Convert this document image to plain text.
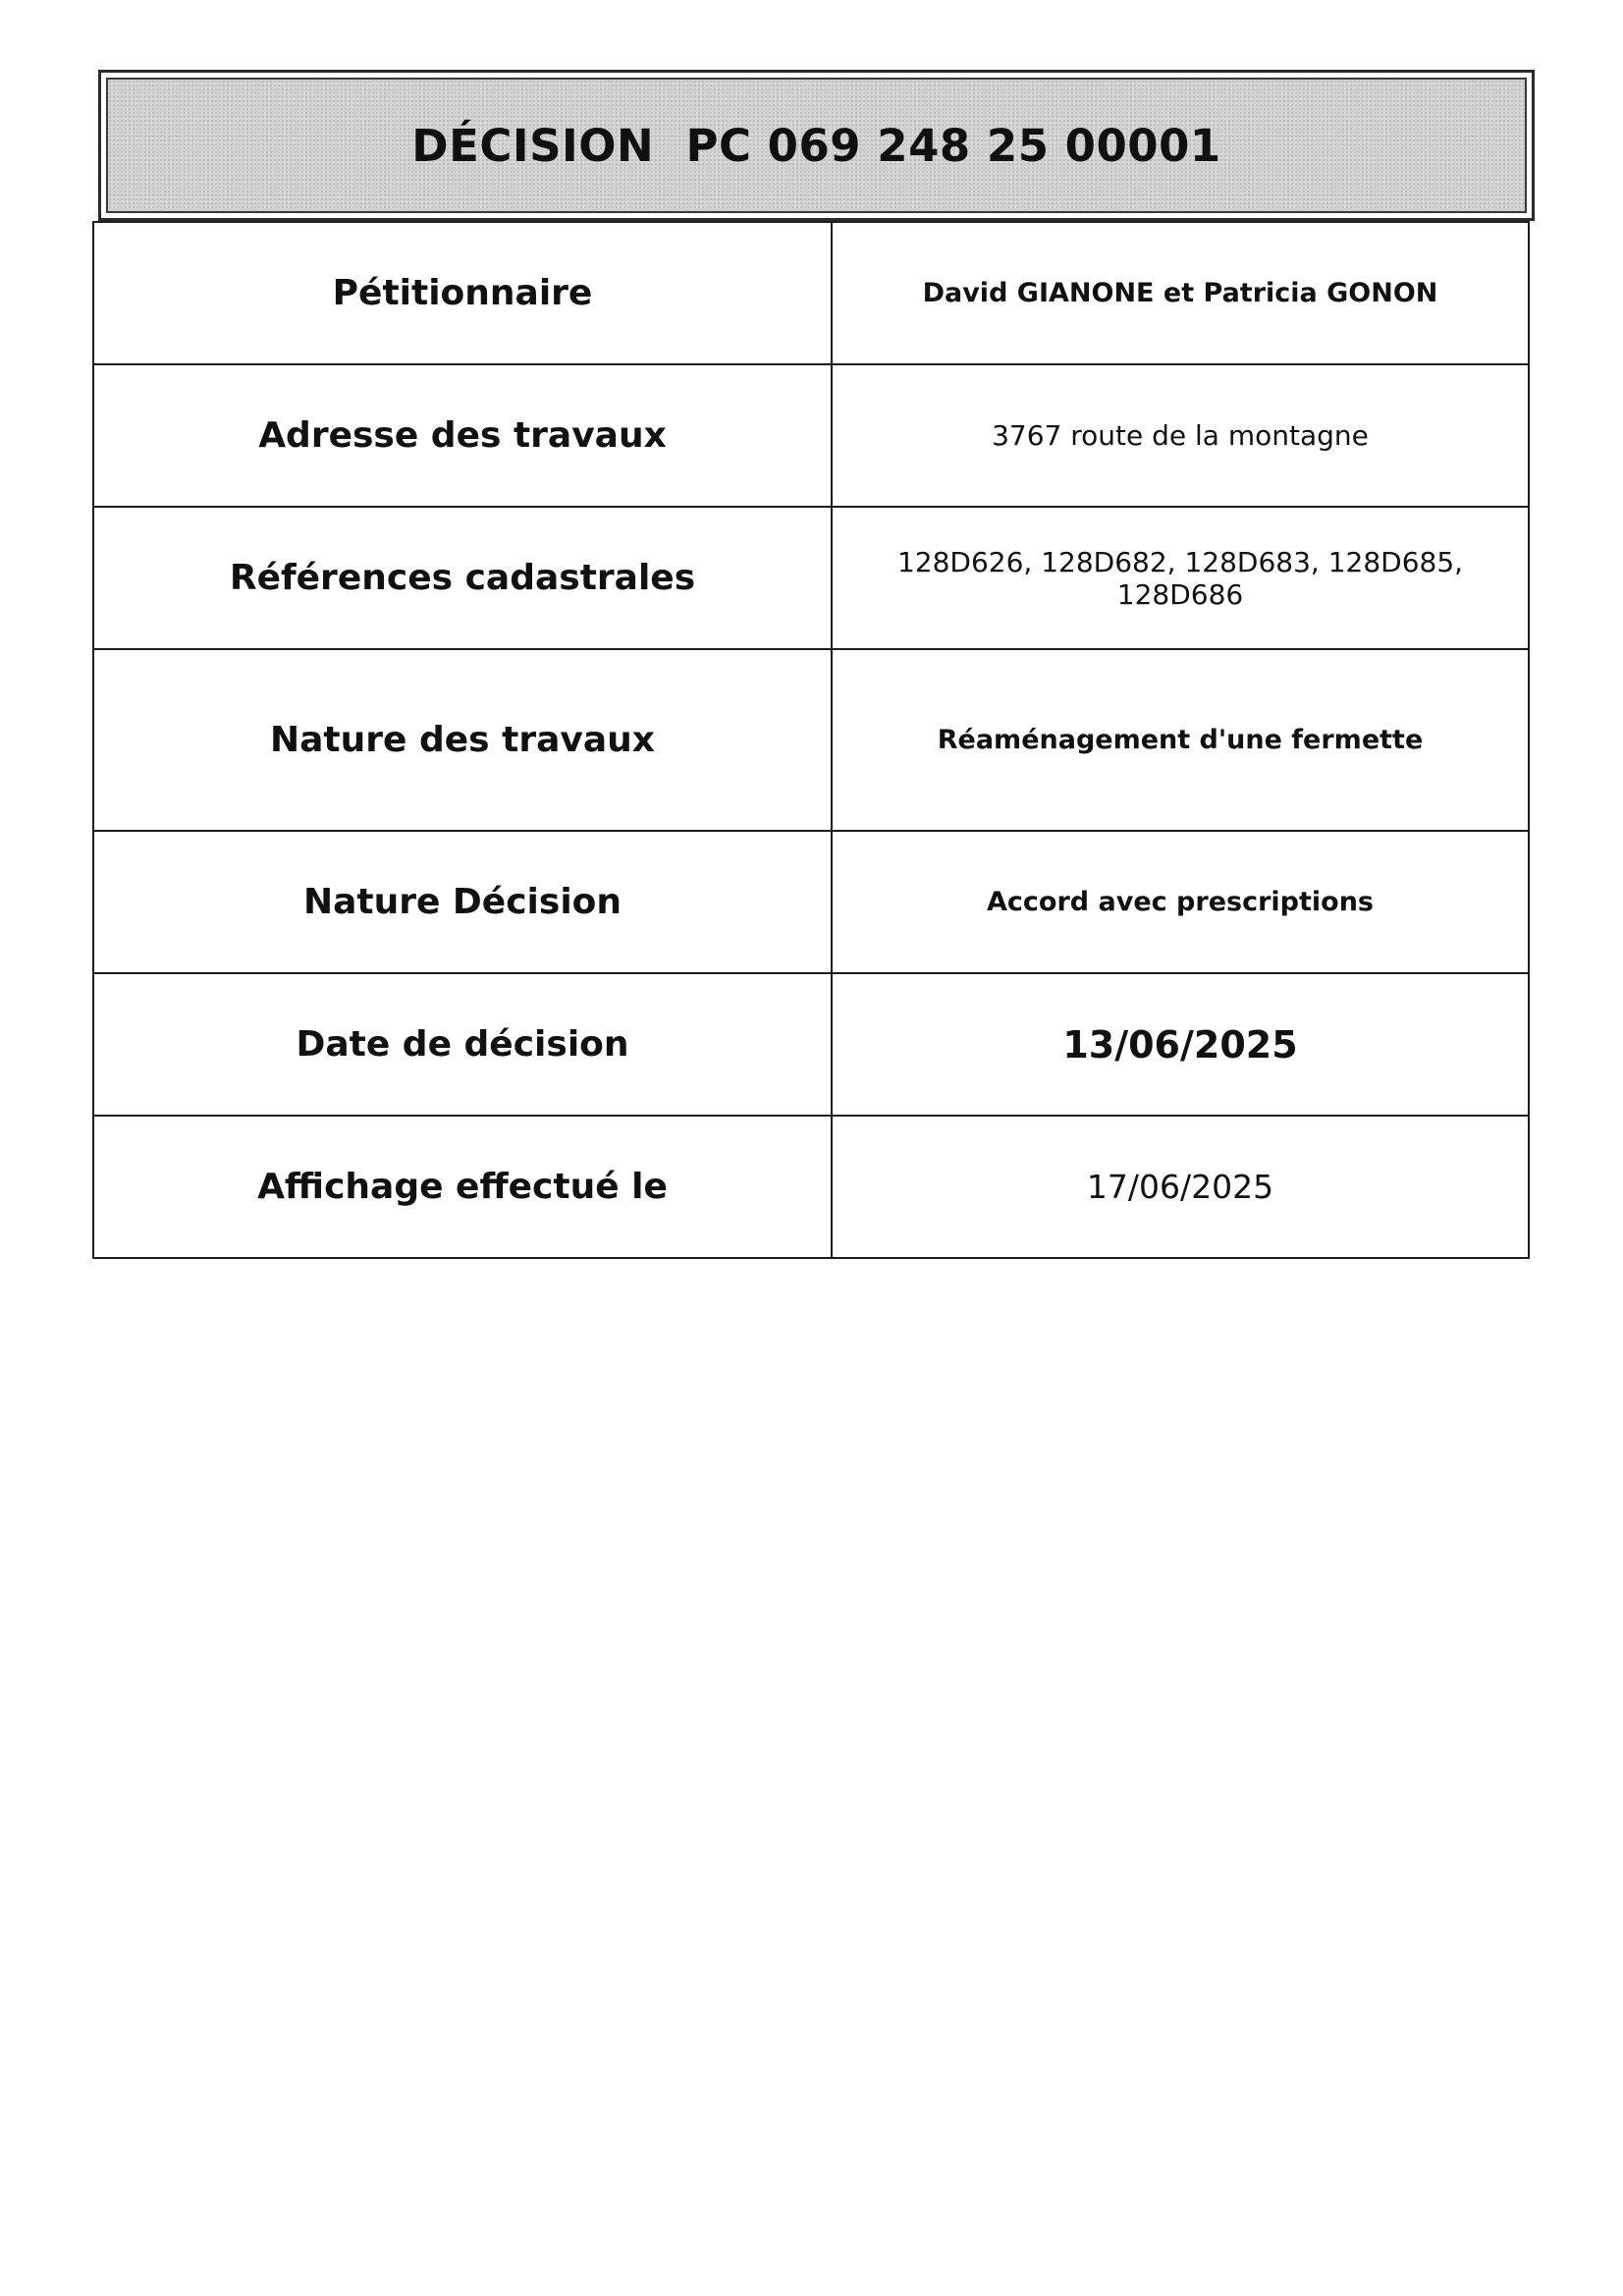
DÉCISION  PC 069 248 25 00001
Pétitionnaire	David GIANONE et Patricia GONON
Adresse des travaux	3767 route de la montagne
Références cadastrales	128D626, 128D682, 128D683, 128D685, 128D686
Nature des travaux	Réaménagement d'une fermette
Nature Décision	Accord avec prescriptions
Date de décision	13/06/2025
Affichage effectué le	17/06/2025
